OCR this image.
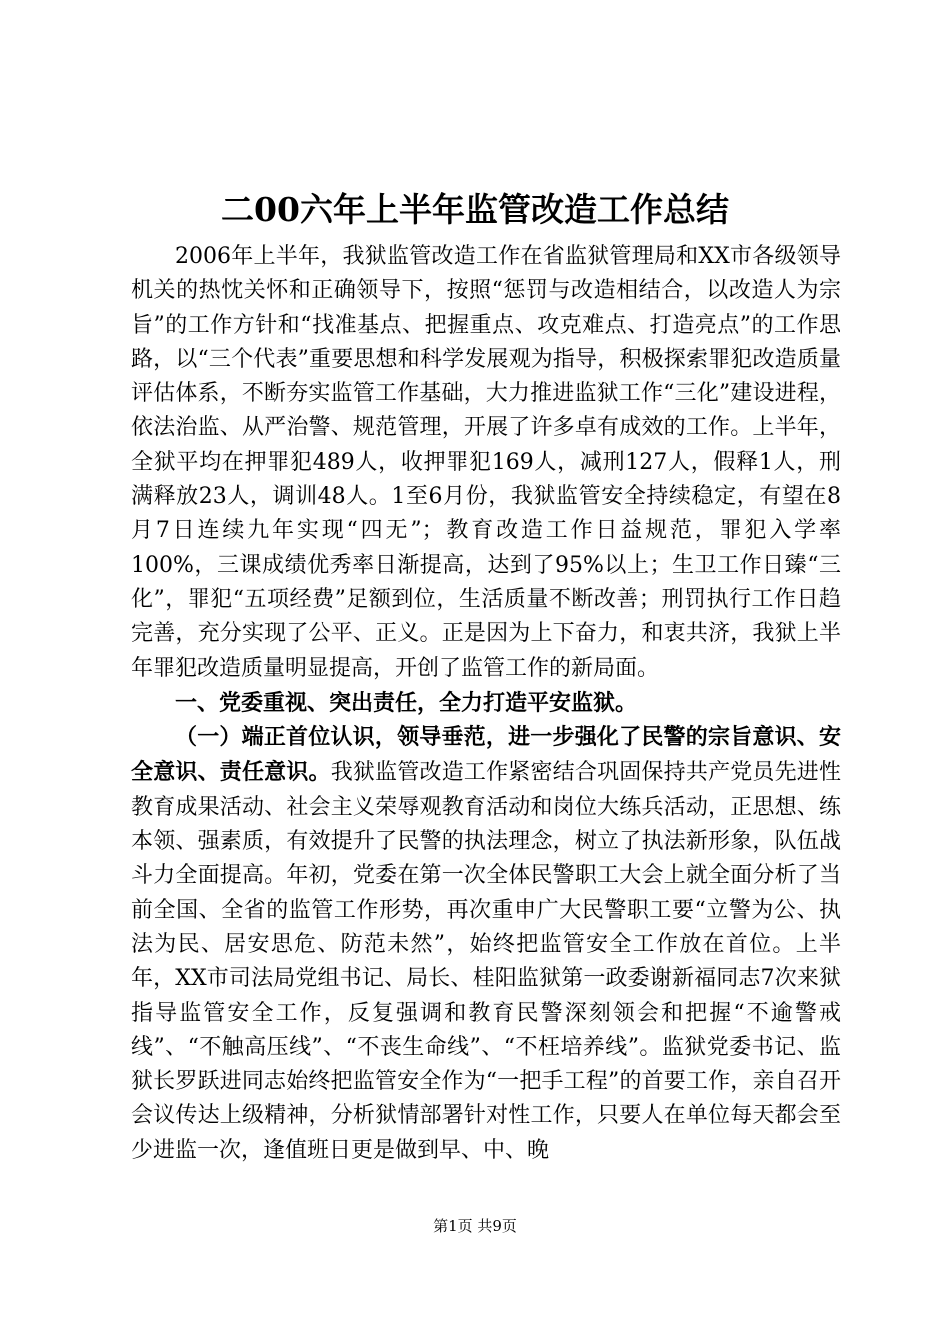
二00六年上半年监管改造工作总结

2006年上半年，我狱监管改造工作在省监狱管理局和XX市各级领导机关的热忱关怀和正确领导下，按照“惩罚与改造相结合，以改造人为宗旨”的工作方针和“找准基点、把握重点、攻克难点、打造亮点”的工作思路，以“三个代表”重要思想和科学发展观为指导，积极探索罪犯改造质量评估体系，不断夯实监管工作基础，大力推进监狱工作“三化”建设进程，依法治监、从严治警、规范管理，开展了许多卓有成效的工作。上半年，全狱平均在押罪犯489人，收押罪犯169人，减刑127人，假释1人，刑满释放23人，调训48人。1至6月份，我狱监管安全持续稳定，有望在8月7日连续九年实现“四无”；教育改造工作日益规范，罪犯入学率100%，三课成绩优秀率日渐提高，达到了95%以上；生卫工作日臻“三化”，罪犯“五项经费”足额到位，生活质量不断改善；刑罚执行工作日趋完善，充分实现了公平、正义。正是因为上下奋力，和衷共济，我狱上半年罪犯改造质量明显提高，开创了监管工作的新局面。

一、党委重视、突出责任，全力打造平安监狱。

（一）端正首位认识，领导垂范，进一步强化了民警的宗旨意识、安全意识、责任意识。我狱监管改造工作紧密结合巩固保持共产党员先进性教育成果活动、社会主义荣辱观教育活动和岗位大练兵活动，正思想、练本领、强素质，有效提升了民警的执法理念，树立了执法新形象，队伍战斗力全面提高。年初，党委在第一次全体民警职工大会上就全面分析了当前全国、全省的监管工作形势，再次重申广大民警职工要“立警为公、执法为民、居安思危、防范未然”，始终把监管安全工作放在首位。上半年，XX市司法局党组书记、局长、桂阳监狱第一政委谢新福同志7次来狱指导监管安全工作，反复强调和教育民警深刻领会和把握“不逾警戒线”、“不触高压线”、“不丧生命线”、“不枉培养线”。监狱党委书记、监狱长罗跃进同志始终把监管安全作为“一把手工程”的首要工作，亲自召开会议传达上级精神，分析狱情部署针对性工作，只要人在单位每天都会至少进监一次，逢值班日更是做到早、中、晚

第1页 共9页
